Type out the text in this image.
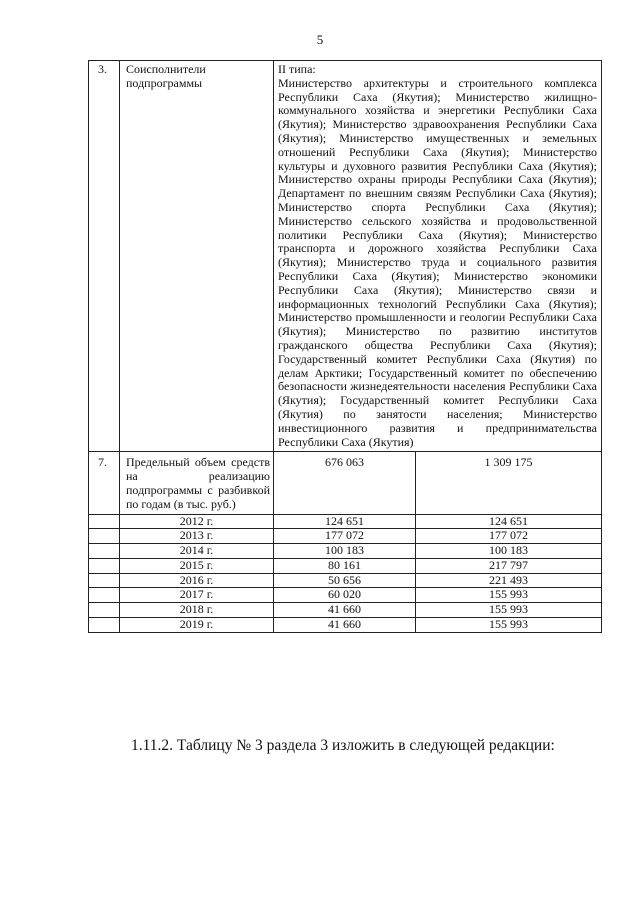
5
3.	Соисполнители подпрограммы	II типа:
Министерство архитектуры и строительного комплекса Республики Саха (Якутия); Министерство жилищно-коммунального хозяйства и энергетики Республики Саха (Якутия); Министерство здравоохранения Республики Саха (Якутия); Министерство имущественных и земельных отношений Республики Саха (Якутия); Министерство культуры и духовного развития Республики Саха (Якутия); Министерство охраны природы Республики Саха (Якутия); Департамент по внешним связям Республики Саха (Якутия); Министерство спорта Республики Саха (Якутия); Министерство сельского хозяйства и продовольственной политики Республики Саха (Якутия); Министерство транспорта и дорожного хозяйства Республики Саха (Якутия); Министерство труда и социального развития Республики Саха (Якутия); Министерство экономики Республики Саха (Якутия); Министерство связи и информационных технологий Республики Саха (Якутия); Министерство промышленности и геологии Республики Саха (Якутия); Министерство по развитию институтов гражданского общества Республики Саха (Якутия); Государственный комитет Республики Саха (Якутия) по делам Арктики; Государственный комитет по обеспечению безопасности жизнедеятельности населения Республики Саха (Якутия); Государственный комитет Республики Саха (Якутия) по занятости населения; Министерство инвестиционного развития и предпринимательства Республики Саха (Якутия)	
7.	Предельный объем средств на реализацию подпрограммы с разбивкой по годам (в тыс. руб.)	676 063	1 309 175
	2012 г.	124 651	124 651
	2013 г.	177 072	177 072
	2014 г.	100 183	100 183
	2015 г.	80 161	217 797
	2016 г.	50 656	221 493
	2017 г.	60 020	155 993
	2018 г.	41 660	155 993
	2019 г.	41 660	155 993
1.11.2. Таблицу № 3 раздела 3 изложить в следующей редакции:
